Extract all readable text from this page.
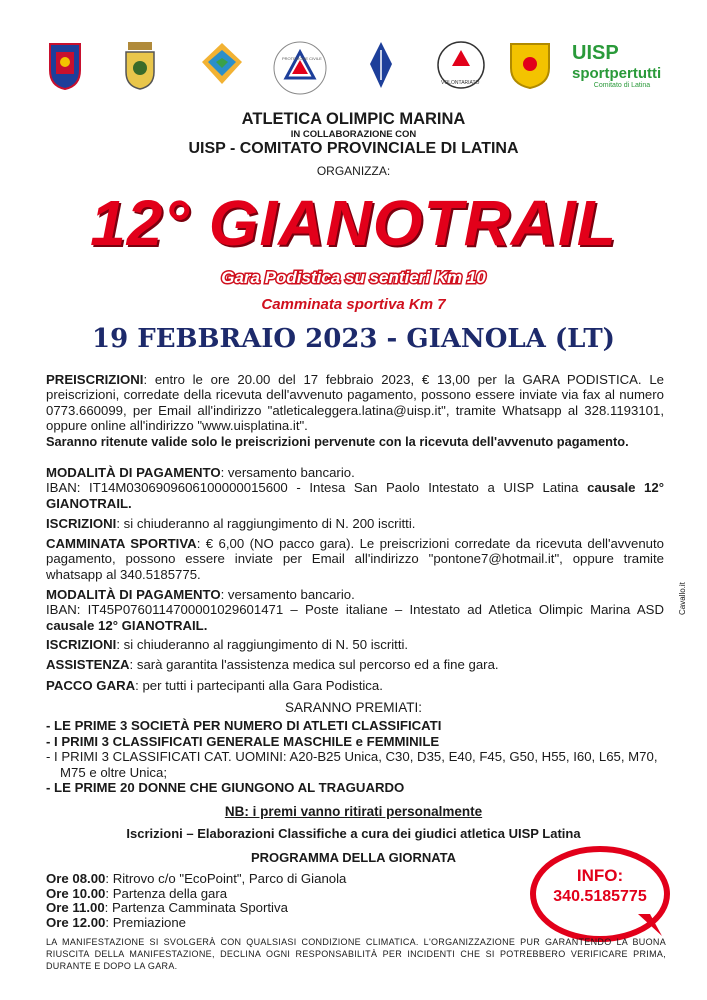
UISP
sportpertutti
Comitato di Latina
PROTEZIONE CIVILE
VOLONTARIATO
ATLETICA OLIMPIC MARINA
IN COLLABORAZIONE CON
UISP - COMITATO PROVINCIALE DI LATINA
ORGANIZZA:
12° GIANOTRAIL
Gara Podistica su sentieri Km 10
Camminata sportiva Km 7
19 FEBBRAIO 2023 - GIANOLA (LT)

PREISCRIZIONI: entro le ore 20.00 del 17 febbraio 2023, € 13,00 per la GARA PODISTICA. Le preiscrizioni, corredate della ricevuta dell'avvenuto pagamento, possono essere inviate via fax al numero 0773.660099, per Email all'indirizzo "atleticaleggera.latina@uisp.it", tramite Whatsapp al 328.1193101, oppure online all'indirizzo "www.uisplatina.it".

Saranno ritenute valide solo le preiscrizioni pervenute con la ricevuta dell'avvenuto pagamento.

MODALITÀ DI PAGAMENTO: versamento bancario.

IBAN: IT14M0306909606100000015600 - Intesa San Paolo Intestato a UISP Latina causale 12° GIANOTRAIL.

ISCRIZIONI: si chiuderanno al raggiungimento di N. 200 iscritti.

CAMMINATA SPORTIVA: € 6,00 (NO pacco gara). Le preiscrizioni corredate da ricevuta dell'avvenuto pagamento, possono essere inviate per Email all'indirizzo "pontone7@hotmail.it", oppure tramite whatsapp al 340.5185775.

MODALITÀ DI PAGAMENTO: versamento bancario.

IBAN: IT45P0760114700001029601471 – Poste italiane – Intestato ad Atletica Olimpic Marina ASD causale 12° GIANOTRAIL.

ISCRIZIONI: si chiuderanno al raggiungimento di N. 50 iscritti.

ASSISTENZA: sarà garantita l'assistenza medica sul percorso ed a fine gara.

PACCO GARA: per tutti i partecipanti alla Gara Podistica.

SARANNO PREMIATI:
- LE PRIME 3 SOCIETÀ PER NUMERO DI ATLETI CLASSIFICATI
- I PRIMI 3 CLASSIFICATI GENERALE MASCHILE e FEMMINILE
- I PRIMI 3 CLASSIFICATI CAT. UOMINI: A20-B25 Unica, C30, D35, E40, F45, G50, H55, I60, L65, M70, M75 e oltre Unica;
- LE PRIME 20 DONNE CHE GIUNGONO AL TRAGUARDO
NB: i premi vanno ritirati personalmente
Iscrizioni – Elaborazioni Classifiche a cura dei giudici atletica UISP Latina
PROGRAMMA DELLA GIORNATA
Ore 08.00: Ritrovo c/o "EcoPoint", Parco di Gianola
Ore 10.00: Partenza della gara
Ore 11.00: Partenza Camminata Sportiva
Ore 12.00: Premiazione
INFO:
340.5185775
LA MANIFESTAZIONE SI SVOLGERÀ CON QUALSIASI CONDIZIONE CLIMATICA. L'ORGANIZZAZIONE PUR GARANTENDO LA BUONA RIUSCITA DELLA MANIFESTAZIONE, DECLINA OGNI RESPONSABILITÀ PER INCIDENTI CHE SI POTREBBERO VERIFICARE PRIMA, DURANTE E DOPO LA GARA.
Cavallo.it
